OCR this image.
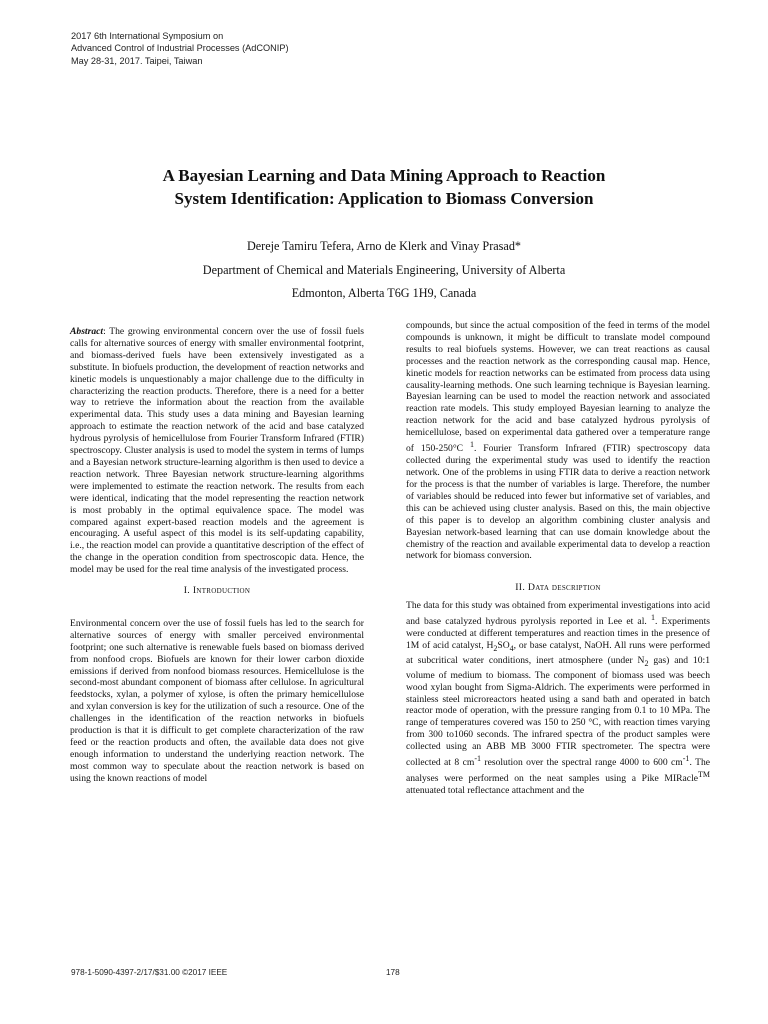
2017 6th International Symposium on
Advanced Control of Industrial Processes (AdCONIP)
May 28-31, 2017. Taipei, Taiwan
A Bayesian Learning and Data Mining Approach to Reaction
System Identification: Application to Biomass Conversion
Dereje Tamiru Tefera, Arno de Klerk and Vinay Prasad*
Department of Chemical and Materials Engineering, University of Alberta
Edmonton, Alberta T6G 1H9, Canada

Abstract: The growing environmental concern over the use of fossil fuels calls for alternative sources of energy with smaller environmental footprint, and biomass-derived fuels have been extensively investigated as a substitute. In biofuels production, the development of reaction networks and kinetic models is unquestionably a major challenge due to the difficulty in characterizing the reaction products. Therefore, there is a need for a better way to retrieve the information about the reaction from the available experimental data. This study uses a data mining and Bayesian learning approach to estimate the reaction network of the acid and base catalyzed hydrous pyrolysis of hemicellulose from Fourier Transform Infrared (FTIR) spectroscopy. Cluster analysis is used to model the system in terms of lumps and a Bayesian network structure-learning algorithm is then used to device a reaction network. Three Bayesian network structure-learning algorithms were implemented to estimate the reaction network. The results from each were identical, indicating that the model representing the reaction network is most probably in the optimal equivalence space. The model was compared against expert-based reaction models and the agreement is encouraging. A useful aspect of this model is its self-updating capability, i.e., the reaction model can provide a quantitative description of the effect of the change in the operation condition from spectroscopic data. Hence, the model may be used for the real time analysis of the investigated process.

I. Introduction

Environmental concern over the use of fossil fuels has led to the search for alternative sources of energy with smaller perceived environmental footprint; one such alternative is renewable fuels based on biomass derived from nonfood crops. Biofuels are known for their lower carbon dioxide emissions if derived from nonfood biomass resources. Hemicellulose is the second-most abundant component of biomass after cellulose. In agricultural feedstocks, xylan, a polymer of xylose, is often the primary hemicellulose and xylan conversion is key for the utilization of such a resource. One of the challenges in the identification of the reaction networks in biofuels production is that it is difficult to get complete characterization of the raw feed or the reaction products and often, the available data does not give enough information to understand the underlying reaction network. The most common way to speculate about the reaction network is based on using the known reactions of model

compounds, but since the actual composition of the feed in terms of the model compounds is unknown, it might be difficult to translate model compound results to real biofuels systems. However, we can treat reactions as causal processes and the reaction network as the corresponding causal map. Hence, kinetic models for reaction networks can be estimated from process data using causality-learning methods. One such learning technique is Bayesian learning. Bayesian learning can be used to model the reaction network and associated reaction rate models. This study employed Bayesian learning to analyze the reaction network for the acid and base catalyzed hydrous pyrolysis of hemicellulose, based on experimental data gathered over a temperature range of 150-250°C $^1$. Fourier Transform Infrared (FTIR) spectroscopy data collected during the experimental study was used to identify the reaction network. One of the problems in using FTIR data to derive a reaction network for the process is that the number of variables is large. Therefore, the number of variables should be reduced into fewer but informative set of variables, and this can be achieved using cluster analysis. Based on this, the main objective of this paper is to develop an algorithm combining cluster analysis and Bayesian network-based learning that can use domain knowledge about the chemistry of the reaction and available experimental data to develop a reaction network for biomass conversion.

II. Data description

The data for this study was obtained from experimental investigations into acid and base catalyzed hydrous pyrolysis reported in Lee et al. $^1$. Experiments were conducted at different temperatures and reaction times in the presence of 1M of acid catalyst, $H_2SO_4$, or base catalyst, NaOH. All runs were performed at subcritical water conditions, inert atmosphere (under $N_2$ gas) and 10:1 volume of medium to biomass. The component of biomass used was beech wood xylan bought from Sigma-Aldrich. The experiments were performed in stainless steel microreactors heated using a sand bath and operated in batch reactor mode of operation, with the pressure ranging from 0.1 to 10 MPa. The range of temperatures covered was 150 to 250 °C, with reaction times varying from 300 to1060 seconds. The infrared spectra of the product samples were collected using an ABB MB 3000 FTIR spectrometer. The spectra were collected at 8 $cm^{-1}$ resolution over the spectral range 4000 to 600 $cm^{-1}$. The analyses were performed on the neat samples using a Pike MIRacle™ attenuated total reflectance attachment and the

978-1-5090-4397-2/17/$31.00 ©2017 IEEE	178
